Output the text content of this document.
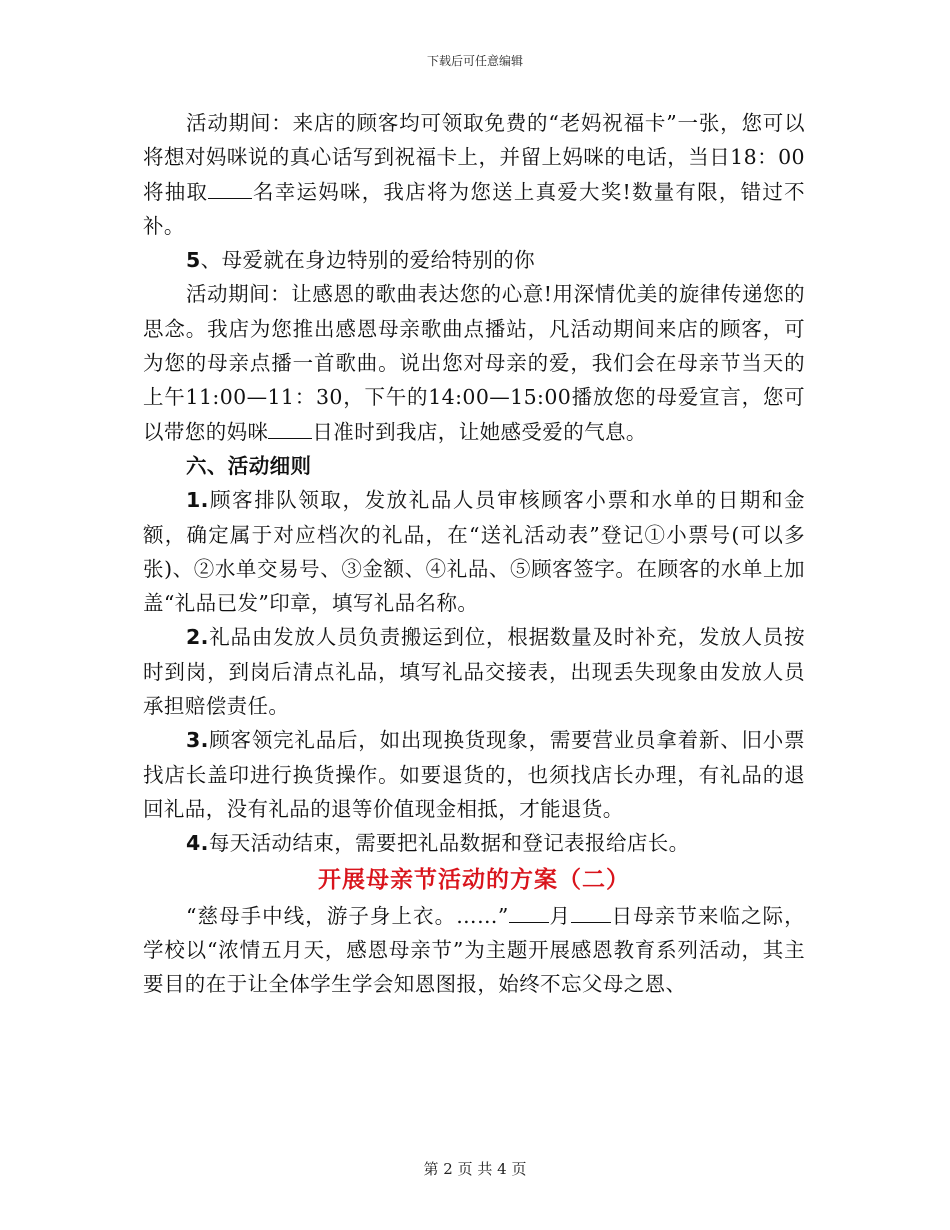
下载后可任意编辑

活动期间：来店的顾客均可领取免费的“老妈祝福卡”一张，您可以将想对妈咪说的真心话写到祝福卡上，并留上妈咪的电话，当日18：00将抽取 名幸运妈咪，我店将为您送上真爱大奖!数量有限，错过不补。

5、母爱就在身边特别的爱给特别的你

活动期间：让感恩的歌曲表达您的心意!用深情优美的旋律传递您的思念。我店为您推出感恩母亲歌曲点播站，凡活动期间来店的顾客，可为您的母亲点播一首歌曲。说出您对母亲的爱，我们会在母亲节当天的上午11:00—11：30，下午的14:00—15:00播放您的母爱宣言，您可以带您的妈咪 日准时到我店，让她感受爱的气息。

六、活动细则

1.顾客排队领取，发放礼品人员审核顾客小票和水单的日期和金额，确定属于对应档次的礼品，在“送礼活动表”登记①小票号(可以多张)、②水单交易号、③金额、④礼品、⑤顾客签字。在顾客的水单上加盖“礼品已发”印章，填写礼品名称。

2.礼品由发放人员负责搬运到位，根据数量及时补充，发放人员按时到岗，到岗后清点礼品，填写礼品交接表，出现丢失现象由发放人员承担赔偿责任。

3.顾客领完礼品后，如出现换货现象，需要营业员拿着新、旧小票找店长盖印进行换货操作。如要退货的，也须找店长办理，有礼品的退回礼品，没有礼品的退等价值现金相抵，才能退货。

4.每天活动结束，需要把礼品数据和登记表报给店长。

开展母亲节活动的方案（二）

“慈母手中线，游子身上衣。……” 月 日母亲节来临之际，学校以“浓情五月天，感恩母亲节”为主题开展感恩教育系列活动，其主要目的在于让全体学生学会知恩图报，始终不忘父母之恩、

第 2 页 共 4 页
